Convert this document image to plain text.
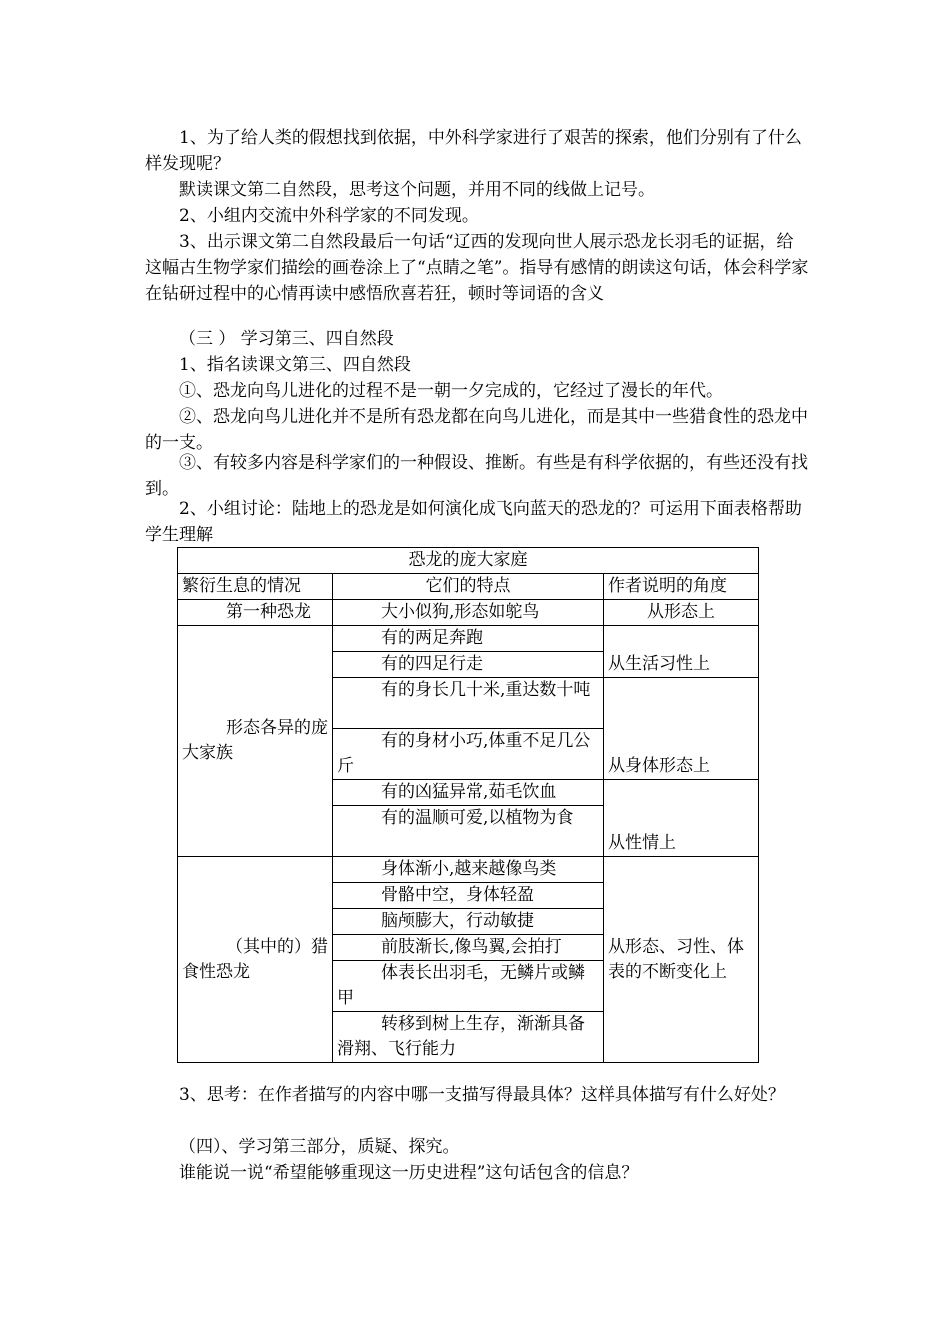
1、为了给人类的假想找到依据，中外科学家进行了艰苦的探索，他们分别有了什么样发现呢？

默读课文第二自然段，思考这个问题，并用不同的线做上记号。

2、小组内交流中外科学家的不同发现。

3、出示课文第二自然段最后一句话“辽西的发现向世人展示恐龙长羽毛的证据，给这幅古生物学家们描绘的画卷涂上了“点睛之笔”。指导有感情的朗读这句话，体会科学家在钻研过程中的心情再读中感悟欣喜若狂，顿时等词语的含义

（三 ） 学习第三、四自然段

1、指名读课文第三、四自然段

①、恐龙向鸟儿进化的过程不是一朝一夕完成的，它经过了漫长的年代。

②、恐龙向鸟儿进化并不是所有恐龙都在向鸟儿进化，而是其中一些猎食性的恐龙中的一支。

③、有较多内容是科学家们的一种假设、推断。有些是有科学依据的，有些还没有找到。

2、小组讨论：陆地上的恐龙是如何演化成飞向蓝天的恐龙的？可运用下面表格帮助学生理解

恐龙的庞大家庭		
繁衍生息的情况	它们的特点	作者说明的角度
第一种恐龙	大小似狗,形态如鸵鸟	从形态上
形态各异的庞大家族	有的两足奔跑	从生活习性上
	有的四足行走	
	有的身长几十米,重达数十吨	从身体形态上
	有的身材小巧,体重不足几公斤	
	有的凶猛异常,茹毛饮血	从性情上
	有的温顺可爱,以植物为食	
（其中的）猎食性恐龙	身体渐小,越来越像鸟类	从形态、习性、体表的不断变化上
	骨骼中空，身体轻盈	
	脑颅膨大，行动敏捷	
	前肢渐长,像鸟翼,会拍打	
	体表长出羽毛，无鳞片或鳞甲	
	转移到树上生存，渐渐具备滑翔、飞行能力	

3、思考：在作者描写的内容中哪一支描写得最具体？这样具体描写有什么好处？

（四）、学习第三部分，质疑、探究。

谁能说一说“希望能够重现这一历史进程”这句话包含的信息？
